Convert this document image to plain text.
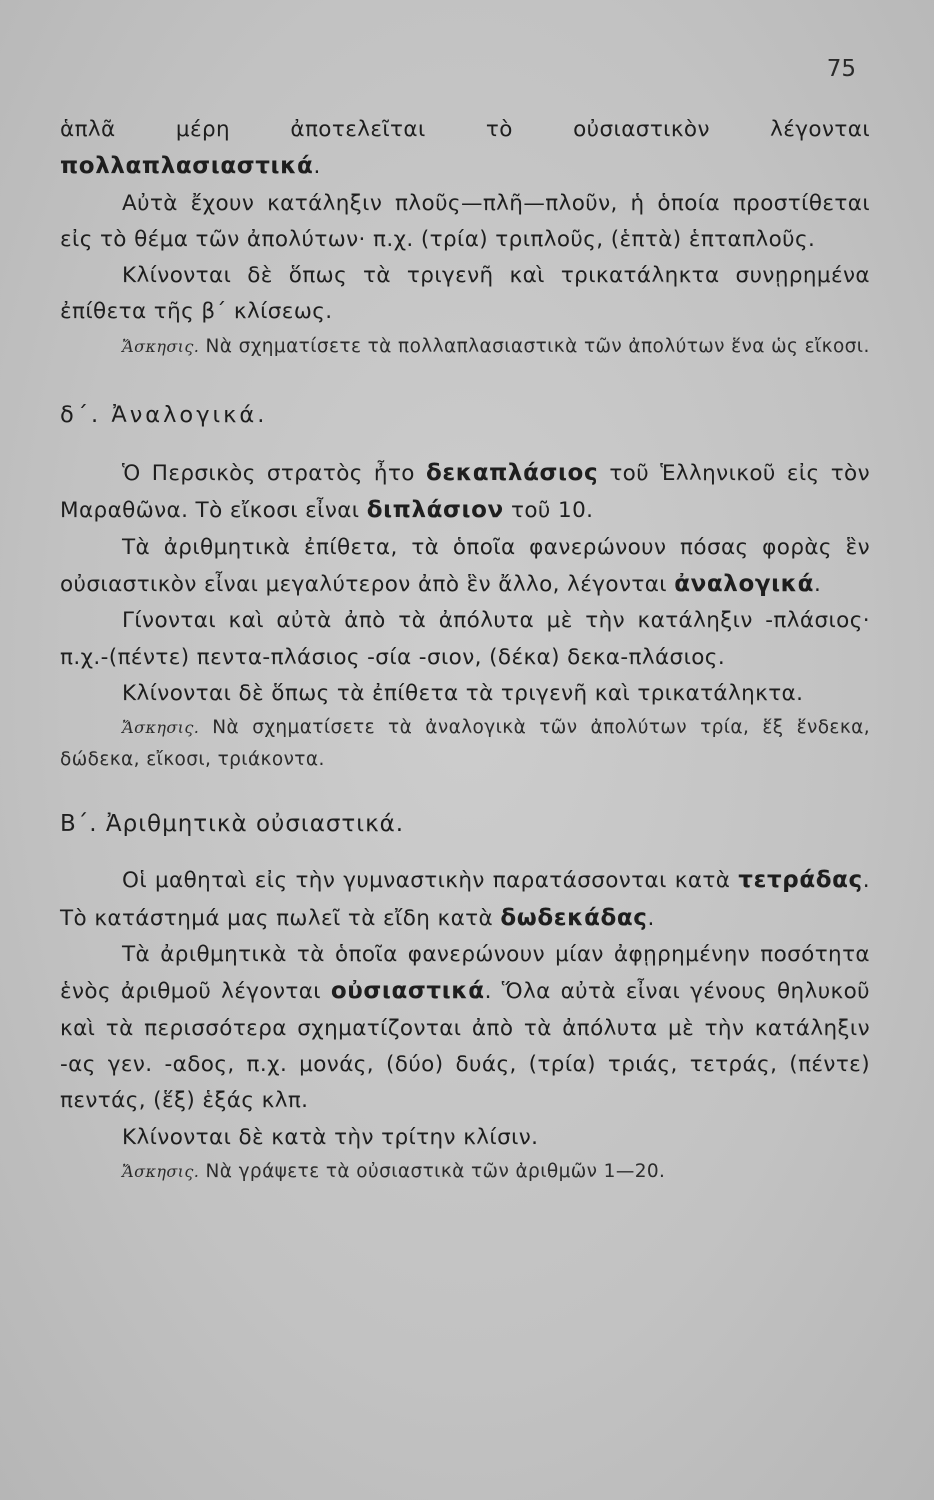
75

ἁπλᾶ μέρη ἀποτελεῖται τὸ οὐσιαστικὸν λέγονται πολλαπλασιαστικά.

Αὐτὰ ἔχουν κατάληξιν πλοῦς—πλῆ—πλοῦν, ἡ ὁποία προστίθεται εἰς τὸ θέμα τῶν ἀπολύτων· π.χ. (τρία) τριπλοῦς, (ἑπτὰ) ἑπταπλοῦς.

Κλίνονται δὲ ὅπως τὰ τριγενῆ καὶ τρικατάληκτα συνῃρημένα ἐπίθετα τῆς β΄ κλίσεως.

Ἄσκησις. Νὰ σχηματίσετε τὰ πολλαπλασιαστικὰ τῶν ἀπολύτων ἕνα ὡς εἴκοσι.

δ΄. Ἀναλογικά.

Ὁ Περσικὸς στρατὸς ἦτο δεκαπλάσιος τοῦ Ἑλληνικοῦ εἰς τὸν Μαραθῶνα. Τὸ εἴκοσι εἶναι διπλάσιον τοῦ 10.

Τὰ ἀριθμητικὰ ἐπίθετα, τὰ ὁποῖα φανερώνουν πόσας φορὰς ἓν οὐσιαστικὸν εἶναι μεγαλύτερον ἀπὸ ἓν ἄλλο, λέγονται ἀναλογικά.

Γίνονται καὶ αὐτὰ ἀπὸ τὰ ἀπόλυτα μὲ τὴν κατάληξιν -πλάσιος· π.χ.-(πέντε) πεντα-πλάσιος -σία -σιον, (δέκα) δεκα-πλάσιος.

Κλίνονται δὲ ὅπως τὰ ἐπίθετα τὰ τριγενῆ καὶ τρικατάληκτα.

Ἄσκησις. Νὰ σχηματίσετε τὰ ἀναλογικὰ τῶν ἀπολύτων τρία, ἕξ ἕνδεκα, δώδεκα, εἴκοσι, τριάκοντα.

Β΄. Ἀριθμητικὰ οὐσιαστικά.

Οἱ μαθηταὶ εἰς τὴν γυμναστικὴν παρατάσσονται κατὰ τετράδας. Τὸ κατάστημά μας πωλεῖ τὰ εἴδη κατὰ δωδεκάδας.

Τὰ ἀριθμητικὰ τὰ ὁποῖα φανερώνουν μίαν ἀφῃρημένην ποσότητα ἑνὸς ἀριθμοῦ λέγονται οὐσιαστικά. Ὅλα αὐτὰ εἶναι γένους θηλυκοῦ καὶ τὰ περισσότερα σχηματίζονται ἀπὸ τὰ ἀπόλυτα μὲ τὴν κατάληξιν -ας γεν. -αδος, π.χ. μονάς, (δύο) δυάς, (τρία) τριάς, τετράς, (πέντε) πεντάς, (ἕξ) ἑξάς κλπ.

Κλίνονται δὲ κατὰ τὴν τρίτην κλίσιν.

Ἄσκησις. Νὰ γράψετε τὰ οὐσιαστικὰ τῶν ἀριθμῶν 1—20.
